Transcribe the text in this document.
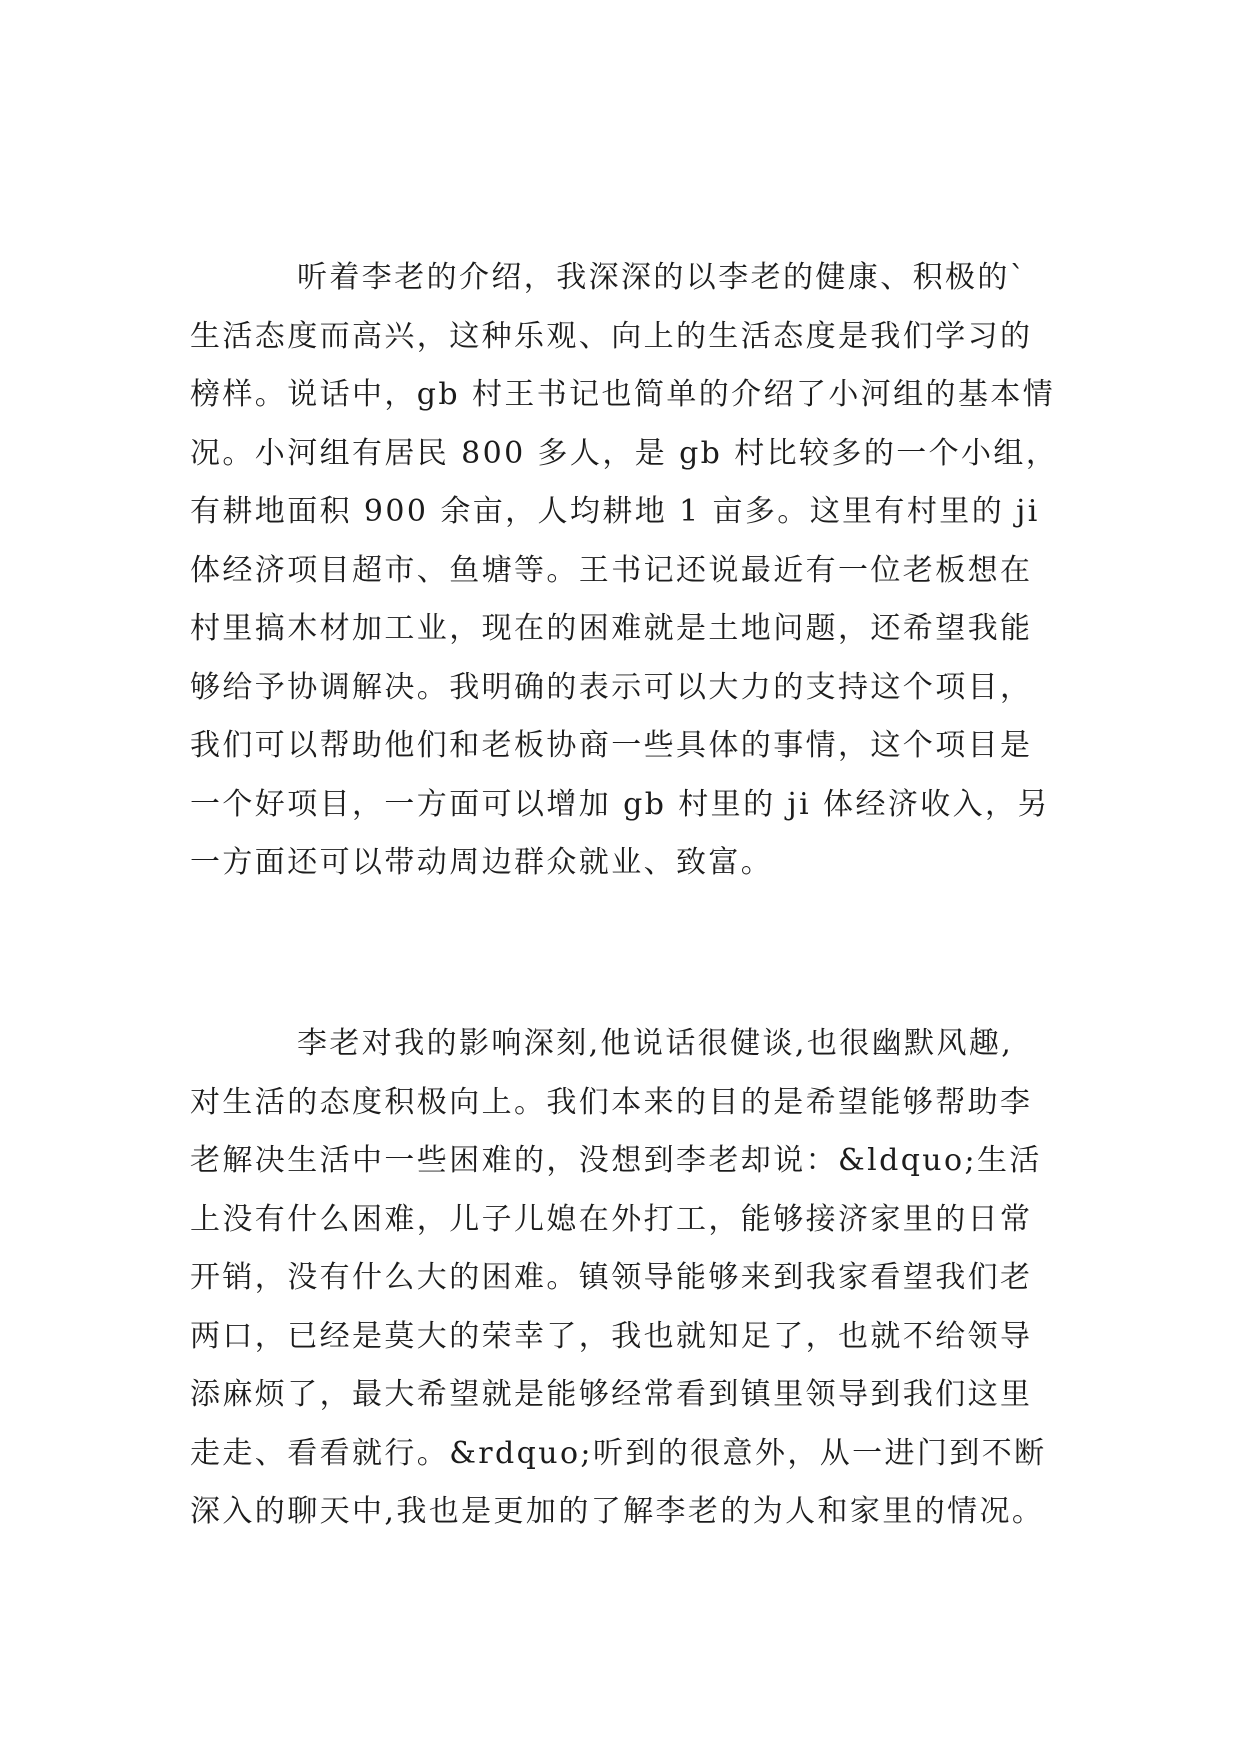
听着李老的介绍，我深深的以李老的健康、积极的`
生活态度而高兴，这种乐观、向上的生活态度是我们学习的
榜样。说话中，gb 村王书记也简单的介绍了小河组的基本情
况。小河组有居民 800 多人，是 gb 村比较多的一个小组，
有耕地面积 900 余亩，人均耕地 1 亩多。这里有村里的 ji
体经济项目超市、鱼塘等。王书记还说最近有一位老板想在
村里搞木材加工业，现在的困难就是土地问题，还希望我能
够给予协调解决。我明确的表示可以大力的支持这个项目，
我们可以帮助他们和老板协商一些具体的事情，这个项目是
一个好项目，一方面可以增加 gb 村里的 ji 体经济收入，另
一方面还可以带动周边群众就业、致富。
李老对我的影响深刻,他说话很健谈,也很幽默风趣,
对生活的态度积极向上。我们本来的目的是希望能够帮助李
老解决生活中一些困难的，没想到李老却说：&ldquo;生活
上没有什么困难，儿子儿媳在外打工，能够接济家里的日常
开销，没有什么大的困难。镇领导能够来到我家看望我们老
两口，已经是莫大的荣幸了，我也就知足了，也就不给领导
添麻烦了，最大希望就是能够经常看到镇里领导到我们这里
走走、看看就行。&rdquo;听到的很意外，从一进门到不断
深入的聊天中,我也是更加的了解李老的为人和家里的情况。
